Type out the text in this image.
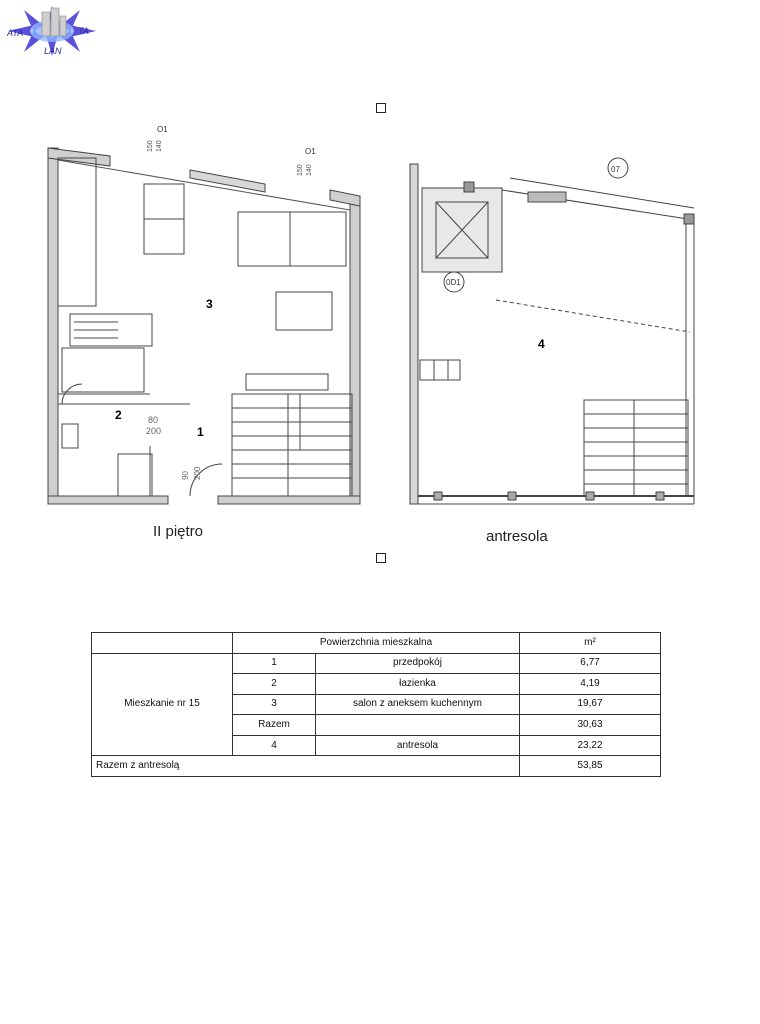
ATA	TA
LAN
O1
O1
150 140
150 140
3
2
1
80
200
90 200
II piętro
07
0D1
4
antresola
	Powierzchnia mieszkalna		m²
Mieszkanie nr 15	1	przedpokój	6,77
	2	łazienka	4,19
	3	salon z aneksem kuchennym	19,67
	Razem		30,63
	4	antresola	23,22
Razem z antresolą			53,85
